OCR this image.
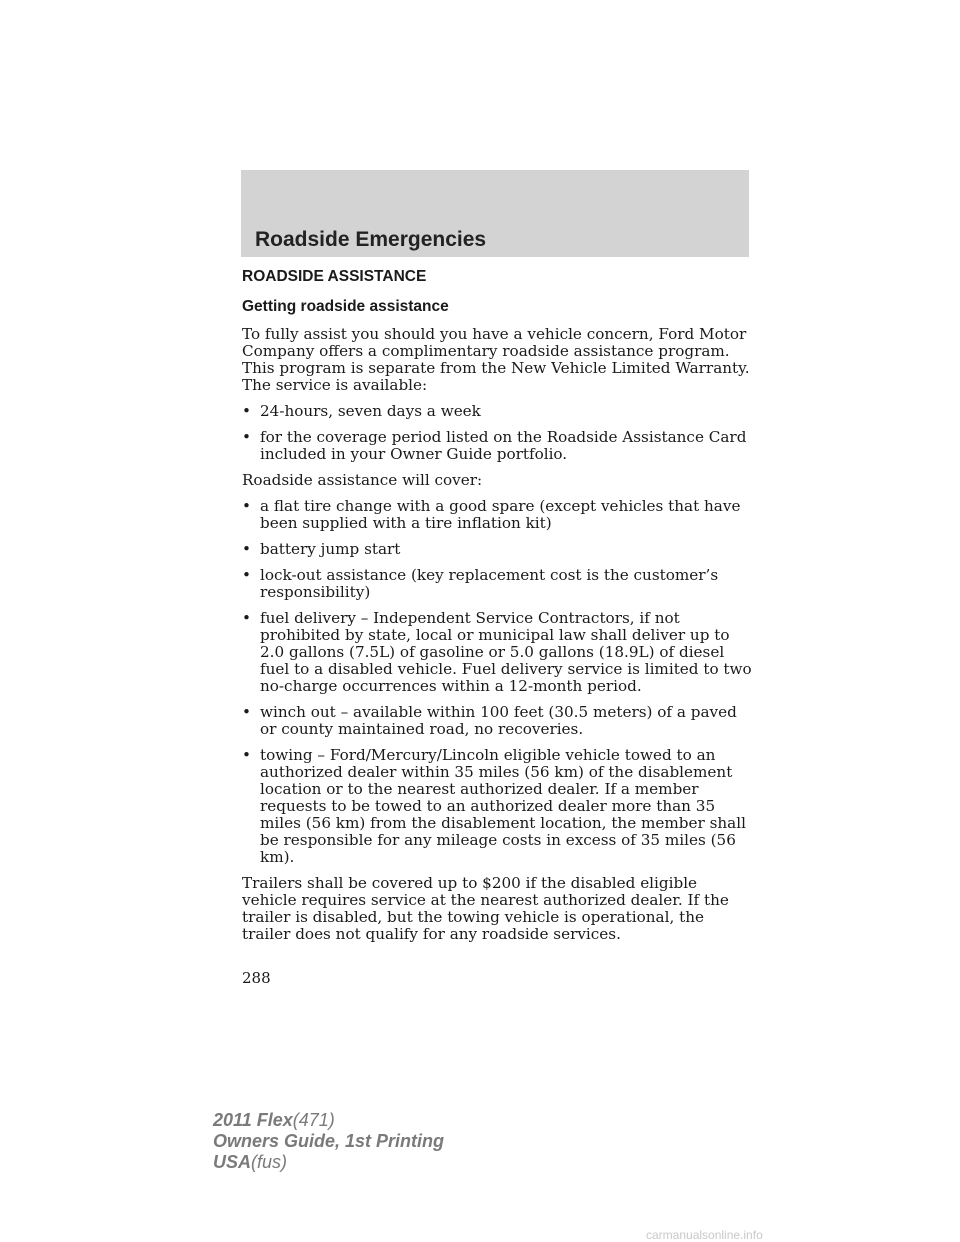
Roadside Emergencies
ROADSIDE ASSISTANCE
Getting roadside assistance

To fully assist you should you have a vehicle concern, Ford Motor Company offers a complimentary roadside assistance program. This program is separate from the New Vehicle Limited Warranty. The service is available:

• 24-hours, seven days a week
• for the coverage period listed on the Roadside Assistance Card included in your Owner Guide portfolio.

Roadside assistance will cover:

• a flat tire change with a good spare (except vehicles that have been supplied with a tire inflation kit)
• battery jump start
• lock-out assistance (key replacement cost is the customer’s responsibility)
• fuel delivery – Independent Service Contractors, if not prohibited by state, local or municipal law shall deliver up to 2.0 gallons (7.5L) of gasoline or 5.0 gallons (18.9L) of diesel fuel to a disabled vehicle. Fuel delivery service is limited to two no-charge occurrences within a 12-month period.
• winch out – available within 100 feet (30.5 meters) of a paved or county maintained road, no recoveries.
• towing – Ford/Mercury/Lincoln eligible vehicle towed to an authorized dealer within 35 miles (56 km) of the disablement location or to the nearest authorized dealer. If a member requests to be towed to an authorized dealer more than 35 miles (56 km) from the disablement location, the member shall be responsible for any mileage costs in excess of 35 miles (56 km).

Trailers shall be covered up to $200 if the disabled eligible vehicle requires service at the nearest authorized dealer. If the trailer is disabled, but the towing vehicle is operational, the trailer does not qualify for any roadside services.

288
2011 Flex(471)
Owners Guide, 1st Printing
USA(fus)
carmanualsonline.info
